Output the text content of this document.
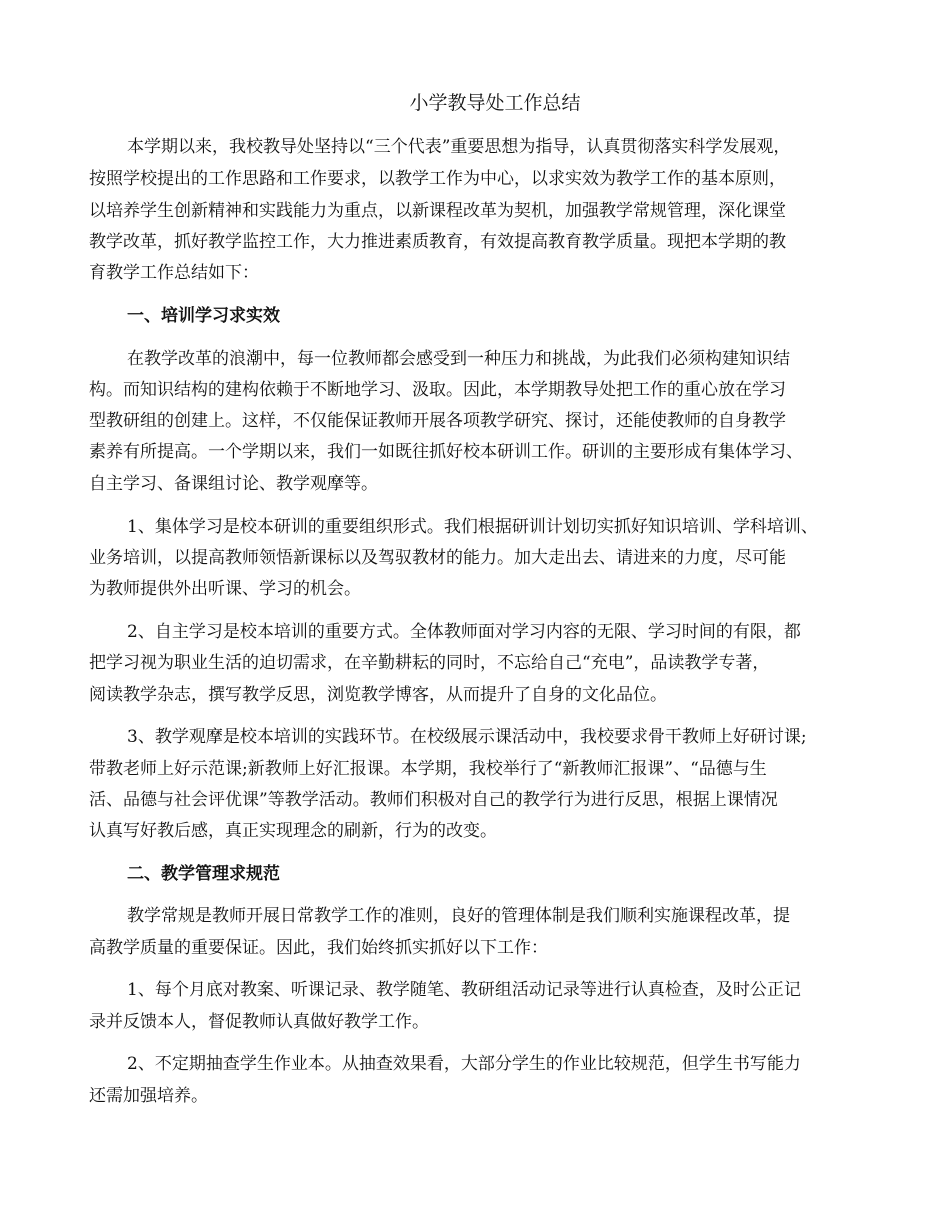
小学教导处工作总结

本学期以来，我校教导处坚持以“三个代表”重要思想为指导，认真贯彻落实科学发展观，

按照学校提出的工作思路和工作要求，以教学工作为中心，以求实效为教学工作的基本原则，

以培养学生创新精神和实践能力为重点，以新课程改革为契机，加强教学常规管理，深化课堂

教学改革，抓好教学监控工作，大力推进素质教育，有效提高教育教学质量。现把本学期的教

育教学工作总结如下：

一、培训学习求实效

在教学改革的浪潮中，每一位教师都会感受到一种压力和挑战，为此我们必须构建知识结

构。而知识结构的建构依赖于不断地学习、汲取。因此，本学期教导处把工作的重心放在学习

型教研组的创建上。这样，不仅能保证教师开展各项教学研究、探讨，还能使教师的自身教学

素养有所提高。一个学期以来，我们一如既往抓好校本研训工作。研训的主要形成有集体学习、

自主学习、备课组讨论、教学观摩等。

1、集体学习是校本研训的重要组织形式。我们根据研训计划切实抓好知识培训、学科培训、

业务培训，以提高教师领悟新课标以及驾驭教材的能力。加大走出去、请进来的力度，尽可能

为教师提供外出听课、学习的机会。

2、自主学习是校本培训的重要方式。全体教师面对学习内容的无限、学习时间的有限，都

把学习视为职业生活的迫切需求，在辛勤耕耘的同时，不忘给自己“充电”，品读教学专著，

阅读教学杂志，撰写教学反思，浏览教学博客，从而提升了自身的文化品位。

3、教学观摩是校本培训的实践环节。在校级展示课活动中，我校要求骨干教师上好研讨课;

带教老师上好示范课;新教师上好汇报课。本学期，我校举行了“新教师汇报课”、“品德与生

活、品德与社会评优课”等教学活动。教师们积极对自己的教学行为进行反思，根据上课情况

认真写好教后感，真正实现理念的刷新，行为的改变。

二、教学管理求规范

教学常规是教师开展日常教学工作的准则，良好的管理体制是我们顺利实施课程改革，提

高教学质量的重要保证。因此，我们始终抓实抓好以下工作：

1、每个月底对教案、听课记录、教学随笔、教研组活动记录等进行认真检查，及时公正记

录并反馈本人，督促教师认真做好教学工作。

2、不定期抽查学生作业本。从抽查效果看，大部分学生的作业比较规范，但学生书写能力

还需加强培养。
